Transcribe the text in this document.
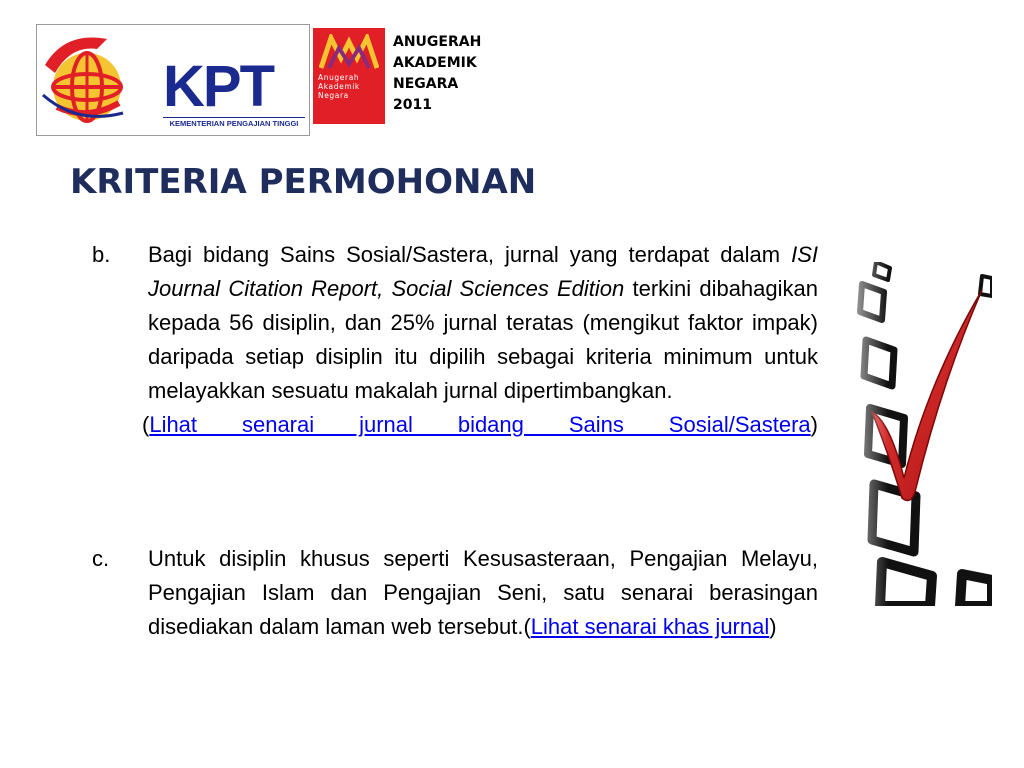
KPT
KEMENTERIAN PENGAJIAN TINGGI
Anugerah
Akademik
Negara
ANUGERAH
AKADEMIK
NEGARA
2011
KRITERIA PERMOHONAN
b.	Bagi bidang Sains Sosial/Sastera, jurnal yang terdapat dalam ISI Journal Citation Report, Social Sciences Edition terkini dibahagikan kepada 56 disiplin, dan 25% jurnal teratas (mengikut faktor impak) daripada setiap disiplin itu dipilih sebagai kriteria minimum untuk melayakkan sesuatu makalah jurnal dipertimbangkan.
(Lihat senarai jurnal bidang Sains Sosial/Sastera)
c.	Untuk disiplin khusus seperti Kesusasteraan, Pengajian Melayu, Pengajian Islam dan Pengajian Seni, satu senarai berasingan disediakan dalam laman web tersebut.(Lihat senarai khas jurnal)
